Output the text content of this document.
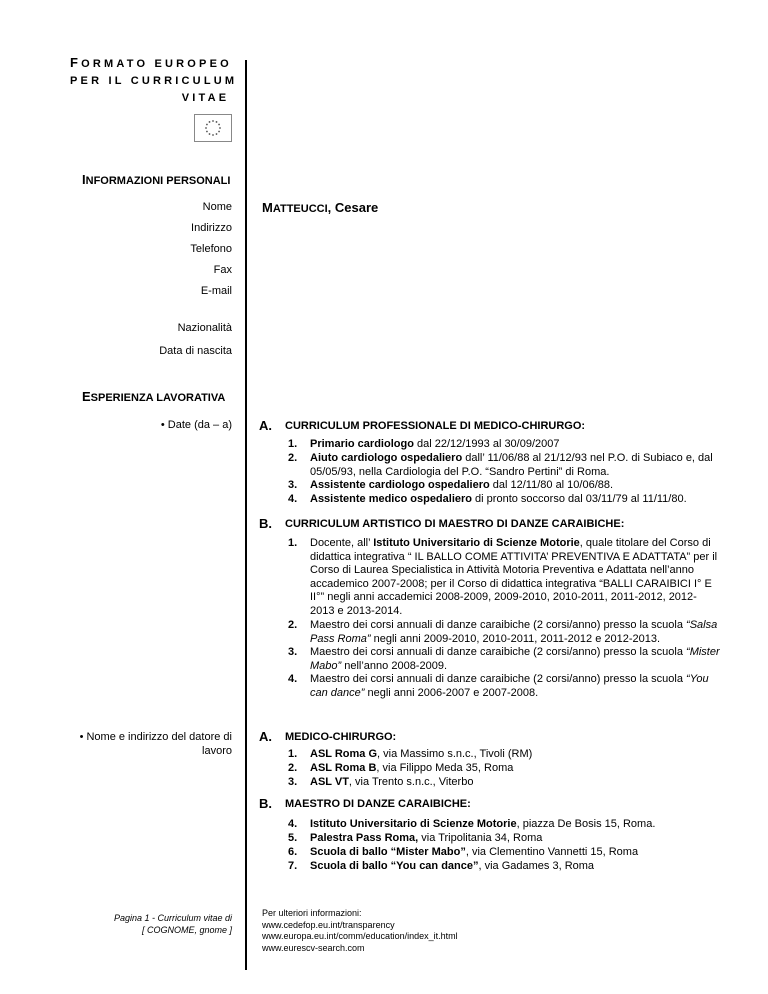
FORMATO EUROPEO
PER IL CURRICULUM
VITAE
INFORMAZIONI PERSONALI
Nome
Indirizzo
Telefono
Fax
E-mail
Nazionalità
Data di nascita
MATTEUCCI, Cesare
ESPERIENZA LAVORATIVA
• Date (da – a) A. CURRICULUM PROFESSIONALE DI MEDICO-CHIRURGO:
1. Primario cardiologo dal 22/12/1993 al 30/09/2007
2. Aiuto cardiologo ospedaliero dall’ 11/06/88 al 21/12/93 nel P.O. di Subiaco e, dal 05/05/93, nella Cardiologia del P.O. “Sandro Pertini” di Roma.
3. Assistente cardiologo ospedaliero dal 12/11/80 al 10/06/88.
4. Assistente medico ospedaliero di pronto soccorso dal 03/11/79 al 11/11/80.
B. CURRICULUM ARTISTICO DI MAESTRO DI DANZE CARAIBICHE:
1. Docente, all’ Istituto Universitario di Scienze Motorie, quale titolare del Corso di didattica integrativa “ IL BALLO COME ATTIVITA’ PREVENTIVA E ADATTATA” per il Corso di Laurea Specialistica in Attività Motoria Preventiva e Adattata nell’anno accademico 2007-2008; per il Corso di didattica integrativa “BALLI CARAIBICI I° E II°” negli anni accademici 2008-2009, 2009-2010, 2010-2011, 2011-2012, 2012-2013 e 2013-2014.
2. Maestro dei corsi annuali di danze caraibiche (2 corsi/anno) presso la scuola “Salsa Pass Roma” negli anni 2009-2010, 2010-2011, 2011-2012 e 2012-2013.
3. Maestro dei corsi annuali di danze caraibiche (2 corsi/anno) presso la scuola “Mister Mabo” nell’anno 2008-2009.
4. Maestro dei corsi annuali di danze caraibiche (2 corsi/anno) presso la scuola “You can dance” negli anni 2006-2007 e 2007-2008.
• Nome e indirizzo del datore di
lavoro
A. MEDICO-CHIRURGO:
1. ASL Roma G, via Massimo s.n.c., Tivoli (RM)
2. ASL Roma B, via Filippo Meda 35, Roma
3. ASL VT, via Trento s.n.c., Viterbo
B. MAESTRO DI DANZE CARAIBICHE:
4. Istituto Universitario di Scienze Motorie, piazza De Bosis 15, Roma.
5. Palestra Pass Roma, via Tripolitania 34, Roma
6. Scuola di ballo “Mister Mabo”, via Clementino Vannetti 15, Roma
7. Scuola di ballo “You can dance”, via Gadames 3, Roma
Pagina 1 - Curriculum vitae di
[ COGNOME, gnome ]
Per ulteriori informazioni:
www.cedefop.eu.int/transparency
www.europa.eu.int/comm/education/index_it.html
www.eurescv-search.com
